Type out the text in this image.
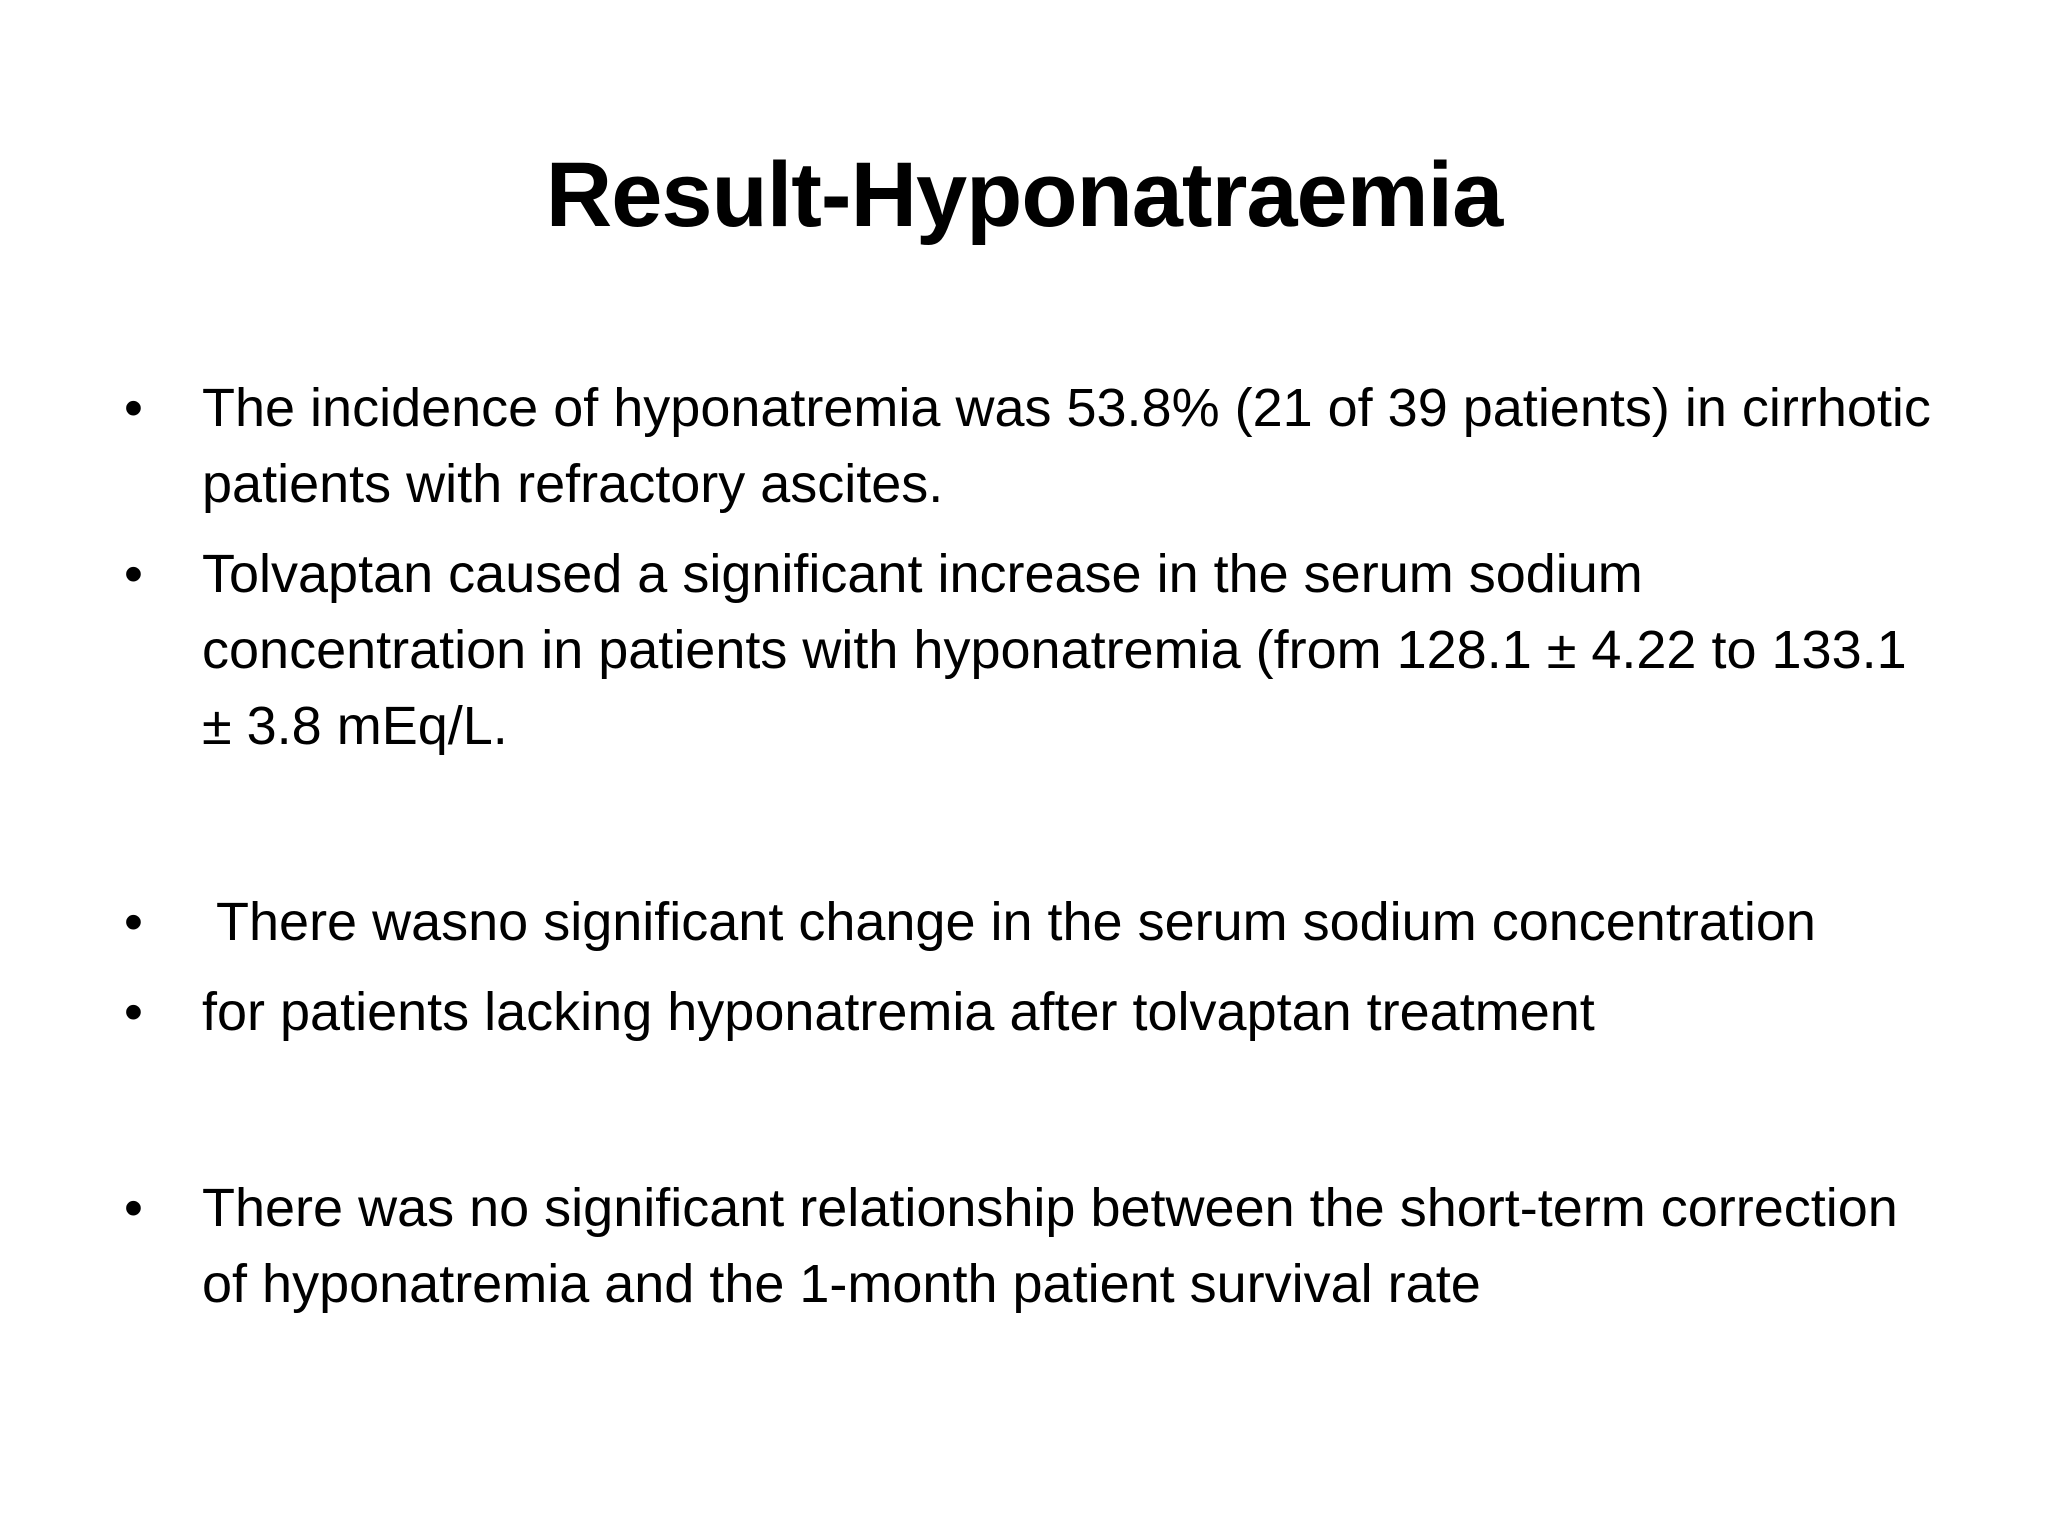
Result-Hyponatraemia
• The incidence of hyponatremia was 53.8% (21 of 39 patients) in cirrhotic patients with refractory ascites.
• Tolvaptan caused a significant increase in the serum sodium concentration in patients with hyponatremia (from 128.1 ± 4.22 to 133.1 ± 3.8 mEq/L.
• There wasno significant change in the serum sodium concentration
• for patients lacking hyponatremia after tolvaptan treatment
• There was no significant relationship between the short-term correction of hyponatremia and the 1-month patient survival rate
